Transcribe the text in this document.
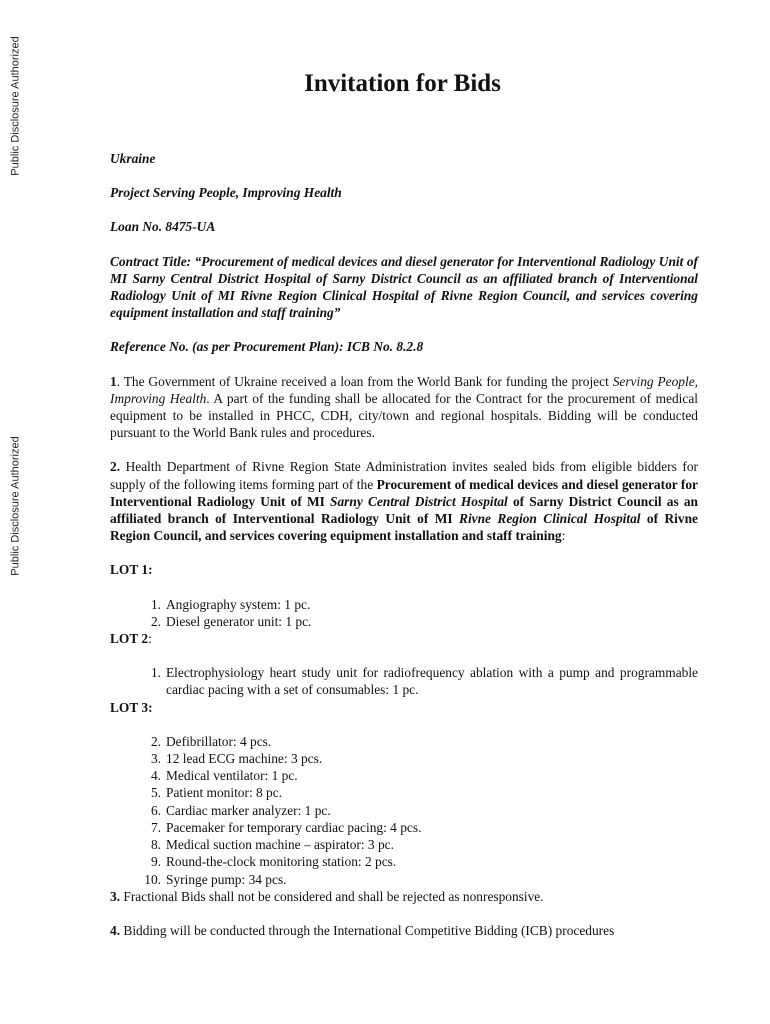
Public Disclosure Authorized
Public Disclosure Authorized
Invitation for Bids

Ukraine

Project Serving People, Improving Health

Loan No. 8475-UA

Contract Title: “Procurement of medical devices and diesel generator for Interventional Radiology Unit of MI Sarny Central District Hospital of Sarny District Council as an affiliated branch of Interventional Radiology Unit of MI Rivne Region Clinical Hospital of Rivne Region Council, and services covering equipment installation and staff training”

Reference No. (as per Procurement Plan): ICB No. 8.2.8

1. The Government of Ukraine received a loan from the World Bank for funding the project Serving People, Improving Health. A part of the funding shall be allocated for the Contract for the procurement of medical equipment to be installed in PHCC, CDH, city/town and regional hospitals. Bidding will be conducted pursuant to the World Bank rules and procedures.

2. Health Department of Rivne Region State Administration invites sealed bids from eligible bidders for supply of the following items forming part of the Procurement of medical devices and diesel generator for Interventional Radiology Unit of MI Sarny Central District Hospital of Sarny District Council as an affiliated branch of Interventional Radiology Unit of MI Rivne Region Clinical Hospital of Rivne Region Council, and services covering equipment installation and staff training:

LOT 1:

1. Angiography system: 1 pc.
2. Diesel generator unit: 1 pc.

LOT 2:

1. Electrophysiology heart study unit for radiofrequency ablation with a pump and programmable cardiac pacing with a set of consumables: 1 pc.

LOT 3:

2. Defibrillator: 4 pcs.
3. 12 lead ECG machine: 3 pcs.
4. Medical ventilator: 1 pc.
5. Patient monitor: 8 pc.
6. Cardiac marker analyzer: 1 pc.
7. Pacemaker for temporary cardiac pacing: 4 pcs.
8. Medical suction machine – aspirator: 3 pc.
9. Round-the-clock monitoring station: 2 pcs.
10. Syringe pump: 34 pcs.

3. Fractional Bids shall not be considered and shall be rejected as nonresponsive.

4. Bidding will be conducted through the International Competitive Bidding (ICB) procedures
